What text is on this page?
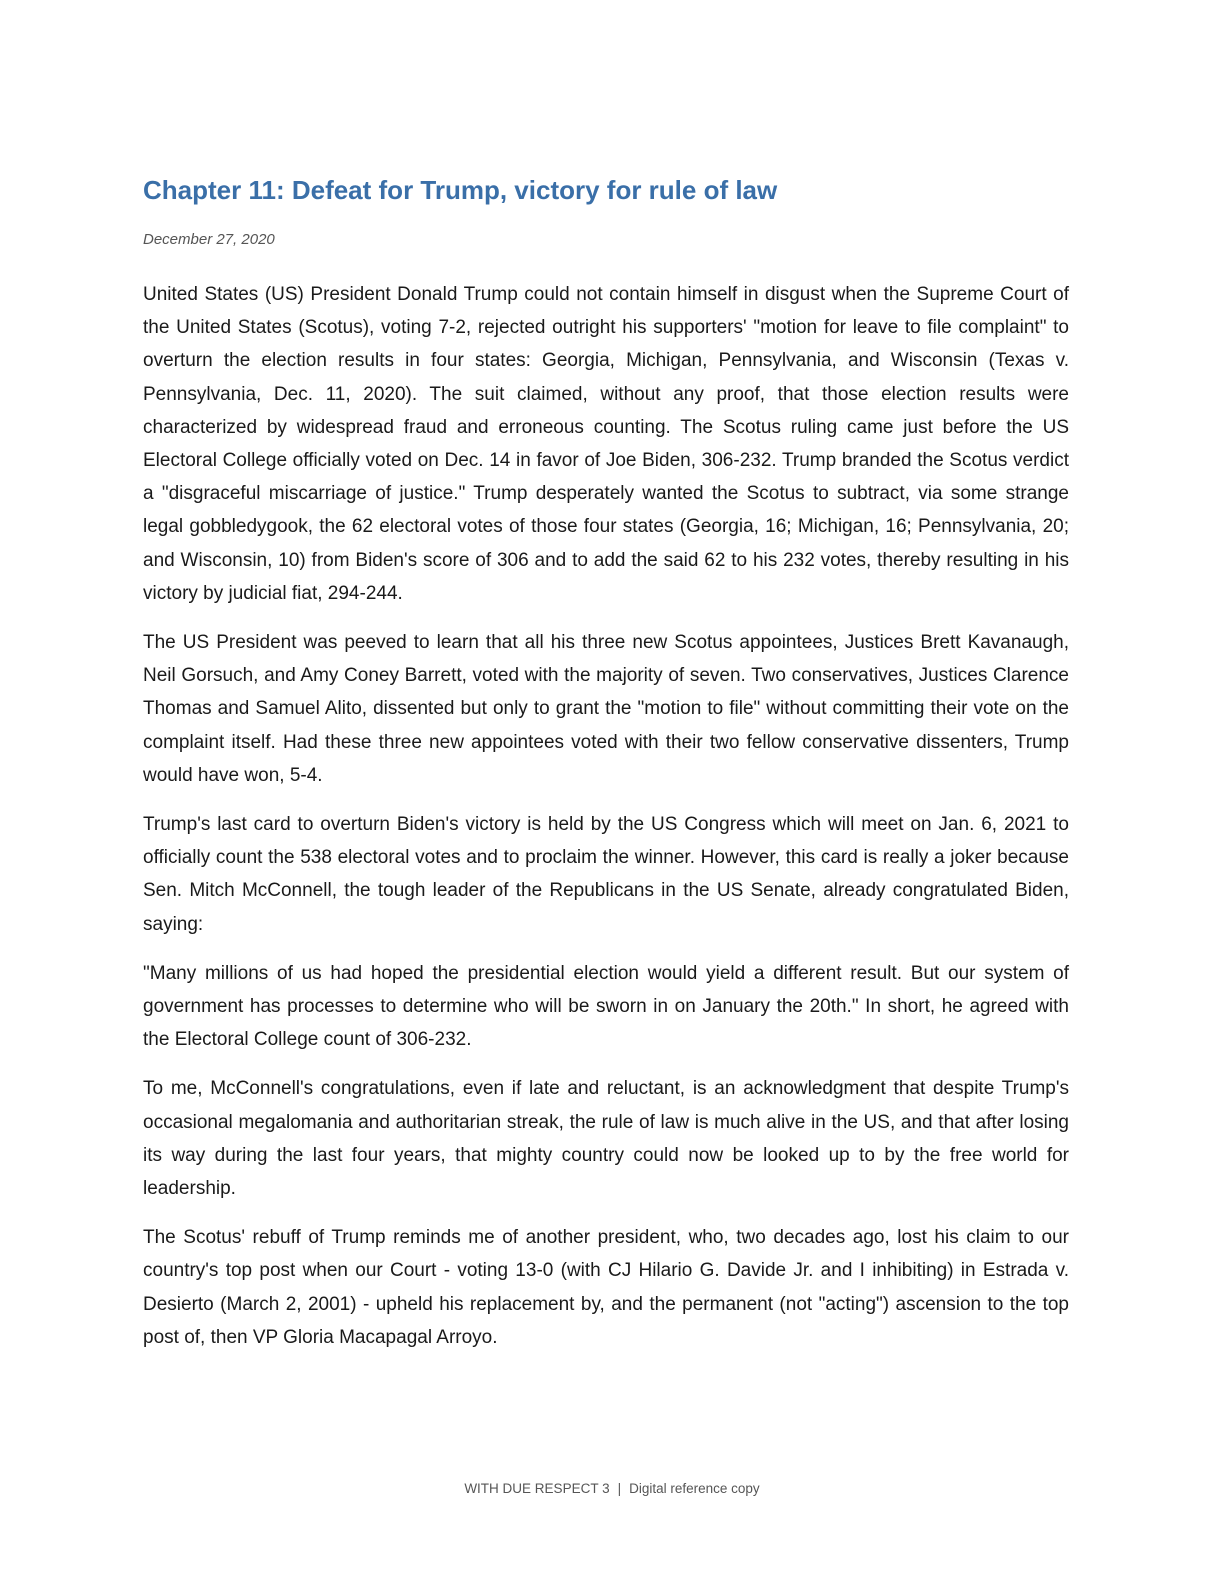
Chapter 11: Defeat for Trump, victory for rule of law
December 27, 2020

United States (US) President Donald Trump could not contain himself in disgust when the Supreme Court of the United States (Scotus), voting 7-2, rejected outright his supporters' "motion for leave to file complaint" to overturn the election results in four states: Georgia, Michigan, Pennsylvania, and Wisconsin (Texas v. Pennsylvania, Dec. 11, 2020). The suit claimed, without any proof, that those election results were characterized by widespread fraud and erroneous counting. The Scotus ruling came just before the US Electoral College officially voted on Dec. 14 in favor of Joe Biden, 306-232. Trump branded the Scotus verdict a "disgraceful miscarriage of justice." Trump desperately wanted the Scotus to subtract, via some strange legal gobbledygook, the 62 electoral votes of those four states (Georgia, 16; Michigan, 16; Pennsylvania, 20; and Wisconsin, 10) from Biden's score of 306 and to add the said 62 to his 232 votes, thereby resulting in his victory by judicial fiat, 294-244.

The US President was peeved to learn that all his three new Scotus appointees, Justices Brett Kavanaugh, Neil Gorsuch, and Amy Coney Barrett, voted with the majority of seven. Two conservatives, Justices Clarence Thomas and Samuel Alito, dissented but only to grant the "motion to file" without committing their vote on the complaint itself. Had these three new appointees voted with their two fellow conservative dissenters, Trump would have won, 5-4.

Trump's last card to overturn Biden's victory is held by the US Congress which will meet on Jan. 6, 2021 to officially count the 538 electoral votes and to proclaim the winner. However, this card is really a joker because Sen. Mitch McConnell, the tough leader of the Republicans in the US Senate, already congratulated Biden, saying:

"Many millions of us had hoped the presidential election would yield a different result. But our system of government has processes to determine who will be sworn in on January the 20th." In short, he agreed with the Electoral College count of 306-232.

To me, McConnell's congratulations, even if late and reluctant, is an acknowledgment that despite Trump's occasional megalomania and authoritarian streak, the rule of law is much alive in the US, and that after losing its way during the last four years, that mighty country could now be looked up to by the free world for leadership.

The Scotus' rebuff of Trump reminds me of another president, who, two decades ago, lost his claim to our country's top post when our Court - voting 13-0 (with CJ Hilario G. Davide Jr. and I inhibiting) in Estrada v. Desierto (March 2, 2001) - upheld his replacement by, and the permanent (not "acting") ascension to the top post of, then VP Gloria Macapagal Arroyo.

WITH DUE RESPECT 3 | Digital reference copy
